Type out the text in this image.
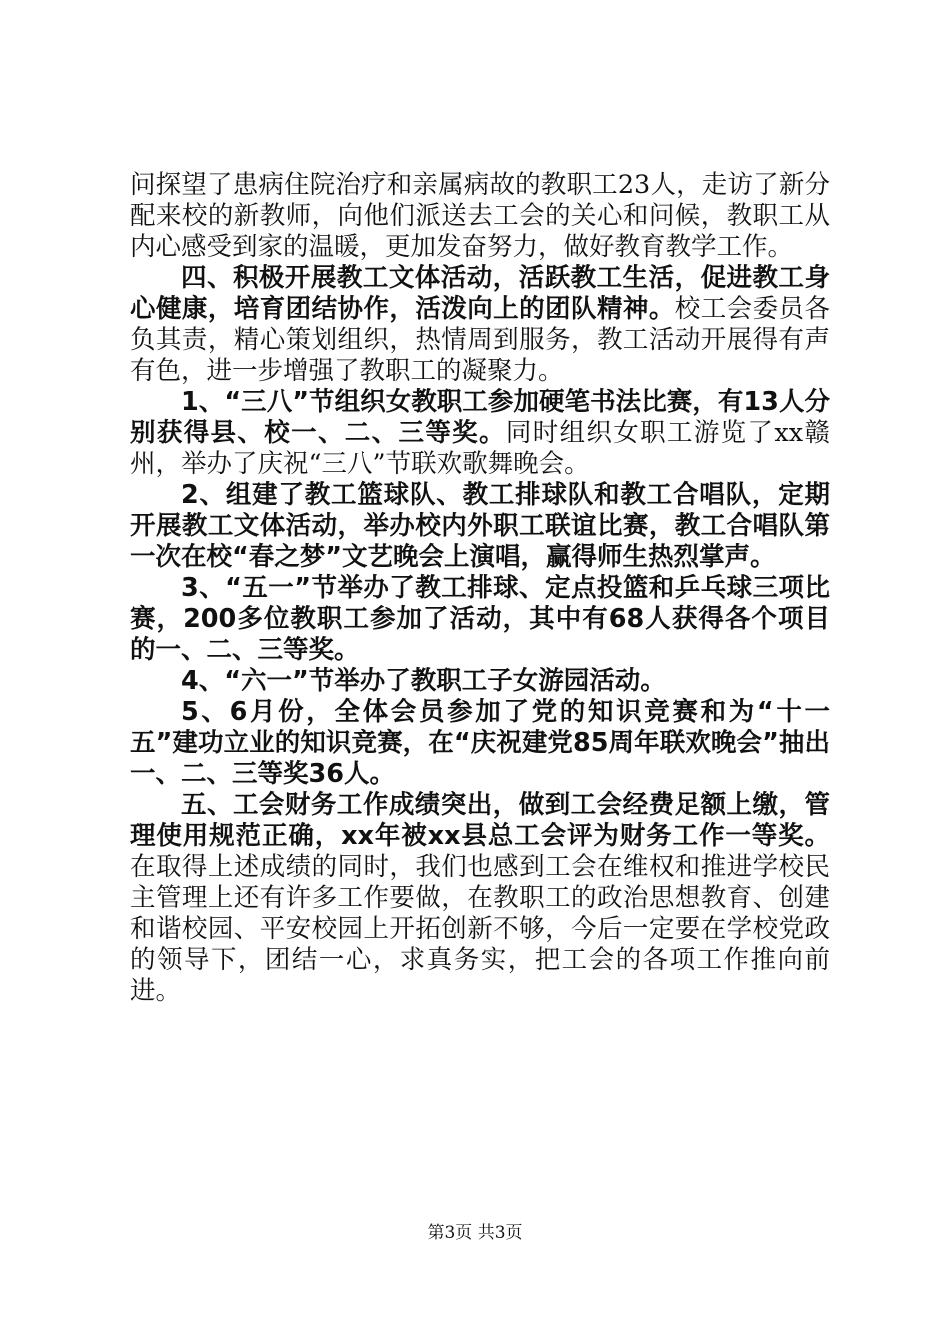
问探望了患病住院治疗和亲属病故的教职工23人，走访了新分配来校的新教师，向他们派送去工会的关心和问候，教职工从内心感受到家的温暖，更加发奋努力，做好教育教学工作。

四、积极开展教工文体活动，活跃教工生活，促进教工身心健康，培育团结协作，活泼向上的团队精神。校工会委员各负其责，精心策划组织，热情周到服务，教工活动开展得有声有色，进一步增强了教职工的凝聚力。

1、“三八”节组织女教职工参加硬笔书法比赛，有13人分别获得县、校一、二、三等奖。同时组织女职工游览了xx赣州，举办了庆祝“三八”节联欢歌舞晚会。

2、组建了教工篮球队、教工排球队和教工合唱队，定期开展教工文体活动，举办校内外职工联谊比赛，教工合唱队第一次在校“春之梦”文艺晚会上演唱，赢得师生热烈掌声。

3、“五一”节举办了教工排球、定点投篮和乒乓球三项比赛，200多位教职工参加了活动，其中有68人获得各个项目的一、二、三等奖。

4、“六一”节举办了教职工子女游园活动。

5、6月份，全体会员参加了党的知识竞赛和为“十一五”建功立业的知识竞赛，在“庆祝建党85周年联欢晚会”抽出一、二、三等奖36人。

五、工会财务工作成绩突出，做到工会经费足额上缴，管理使用规范正确，xx年被xx县总工会评为财务工作一等奖。在取得上述成绩的同时，我们也感到工会在维权和推进学校民主管理上还有许多工作要做，在教职工的政治思想教育、创建和谐校园、平安校园上开拓创新不够，今后一定要在学校党政的领导下，团结一心，求真务实，把工会的各项工作推向前进。

第3页 共3页
